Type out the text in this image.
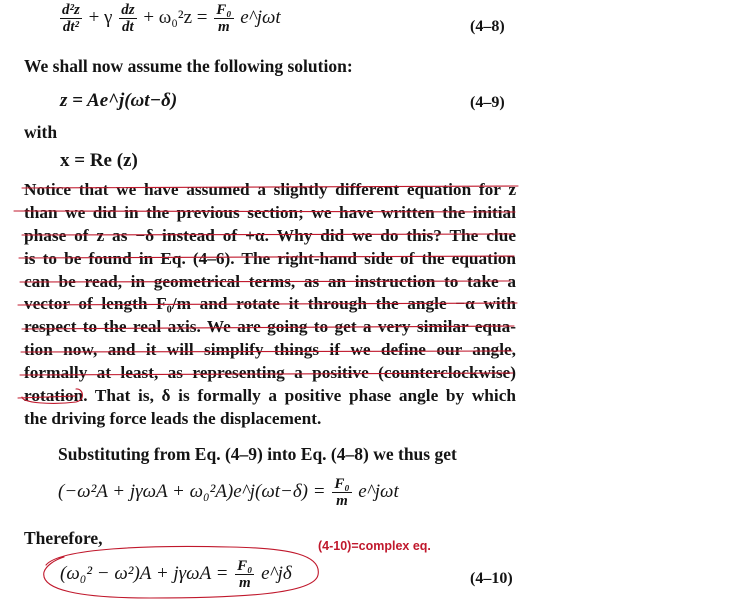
$\frac{\text{d²z}}{\text{dt²}} + \gamma \frac{dz}{dt} + \omega_0^2z = \frac{\text{F₀}}{m}$ e^jωt	(4–8)
We shall now assume the following solution:
z = Ae^j(ωt−δ)	(4–9)
with
x = Re (z)
Notice that we have assumed a slightly different equation for z
than we did in the previous section; we have written the initial
phase of z as −δ instead of +α. Why did we do this? The clue
is to be found in Eq. (4–6). The right-hand side of the equation
can be read, in geometrical terms, as an instruction to take a
vector of length F₀/m and rotate it through the angle −α with
respect to the real axis. We are going to get a very similar equa-
tion now, and it will simplify things if we define our angle,
formally at least, as representing a positive (counterclockwise)
rotation. That is, δ is formally a positive phase angle by which
the driving force leads the displacement.
Substituting from Eq. (4–9) into Eq. (4–8) we thus get
(−ω²A + jγωA + ω₀²A)e^j(ωt−δ) = $\frac{\text{F₀}}{m}$ e^jωt
Therefore,
$(\omega_0^2 - \omega^2)A + j\gamma\omega A = \frac{\text{F₀}}{m}$ e^jδ	(4–10)
(4-10)=complex eq.
